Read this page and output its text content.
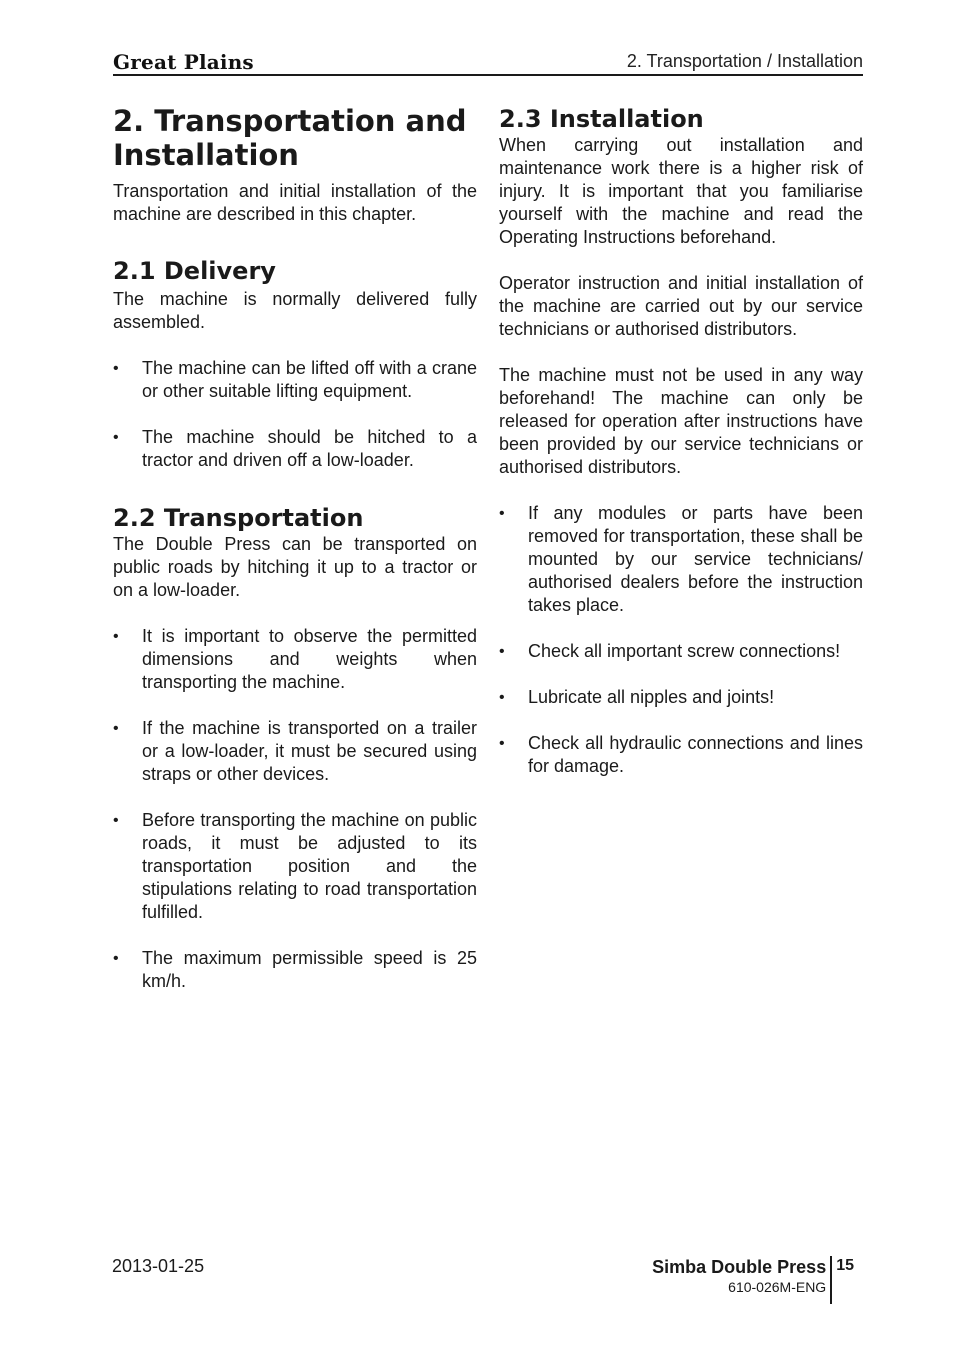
Great Plains	2. Transportation / Installation
2. Transportation and Installation

Transportation and initial installation of the machine are described in this chapter.

2.1 Delivery

The machine is normally delivered fully assembled.

• The machine can be lifted off with a crane or other suitable lifting equipment.
• The machine should be hitched to a tractor and driven off a low-loader.
2.2 Transportation

The Double Press can be transported on public roads by hitching it up to a tractor or on a low-loader.

• It is important to observe the permitted dimensions and weights when transporting the machine.
• If the machine is transported on a trailer or a low-loader, it must be secured using straps or other devices.
• Before transporting the machine on public roads, it must be adjusted to its transportation position and the stipulations relating to road transportation fulfilled.
• The maximum permissible speed is 25 km/h.
2.3 Installation

When carrying out installation and maintenance work there is a higher risk of injury. It is important that you familiarise yourself with the machine and read the Operating Instructions beforehand.

Operator instruction and initial installation of the machine are carried out by our service technicians or authorised distributors.

The machine must not be used in any way beforehand! The machine can only be released for operation after instructions have been provided by our service technicians or authorised distributors.

• If any modules or parts have been removed for transportation, these shall be mounted by our service technicians/ authorised dealers before the instruction takes place.
• Check all important screw connections!
• Lubricate all nipples and joints!
• Check all hydraulic connections and lines for damage.
2013-01-25	Simba Double Press
610-026M-ENG
15
